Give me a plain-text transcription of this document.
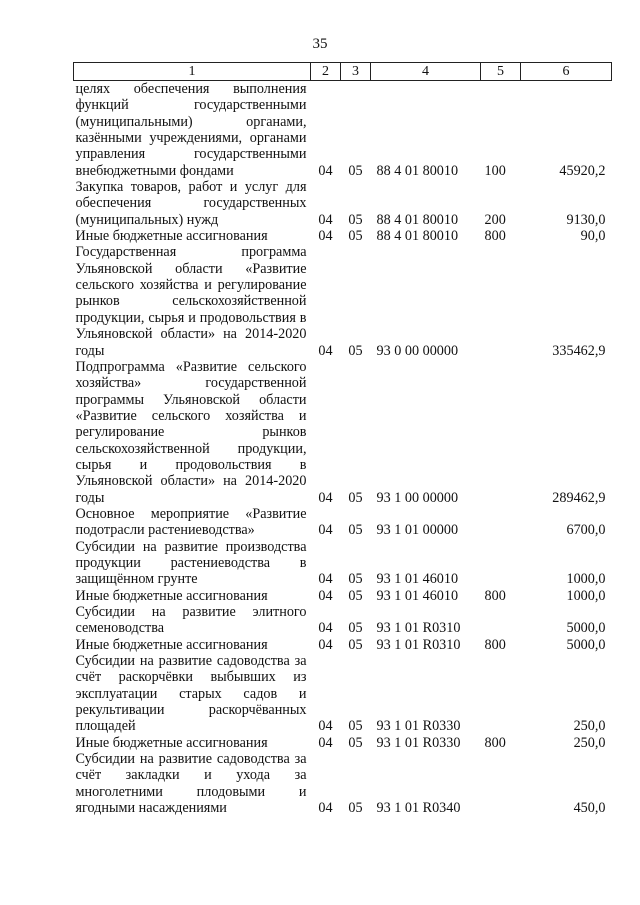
35
1	2	3	4	5	6
целях обеспечения выполнения функций государственными (муниципальными) органами, казёнными учреждениями, органами управления государственными внебюджетными фондами	04	05	88 4 01 80010	100	45920,2
Закупка товаров, работ и услуг для обеспечения государственных (муниципальных) нужд	04	05	88 4 01 80010	200	9130,0
Иные бюджетные ассигнования	04	05	88 4 01 80010	800	90,0
Государственная программа Ульяновской области «Развитие сельского хозяйства и регулирование рынков сельскохозяйственной продукции, сырья и продовольствия в Ульяновской области» на 2014-2020 годы	04	05	93 0 00 00000		335462,9
Подпрограмма «Развитие сельского хозяйства» государственной программы Ульяновской области «Развитие сельского хозяйства и регулирование рынков сельскохозяйственной продукции, сырья и продовольствия в Ульяновской области» на 2014-2020 годы	04	05	93 1 00 00000		289462,9
Основное мероприятие «Развитие подотрасли растениеводства»	04	05	93 1 01 00000		6700,0
Субсидии на развитие производства продукции растениеводства в защищённом грунте	04	05	93 1 01 46010		1000,0
Иные бюджетные ассигнования	04	05	93 1 01 46010	800	1000,0
Субсидии на развитие элитного семеноводства	04	05	93 1 01 R0310		5000,0
Иные бюджетные ассигнования	04	05	93 1 01 R0310	800	5000,0
Субсидии на развитие садоводства за счёт раскорчёвки выбывших из эксплуатации старых садов и рекультивации раскорчёванных площадей	04	05	93 1 01 R0330		250,0
Иные бюджетные ассигнования	04	05	93 1 01 R0330	800	250,0
Субсидии на развитие садоводства за счёт закладки и ухода за многолетними плодовыми и ягодными насаждениями	04	05	93 1 01 R0340		450,0
